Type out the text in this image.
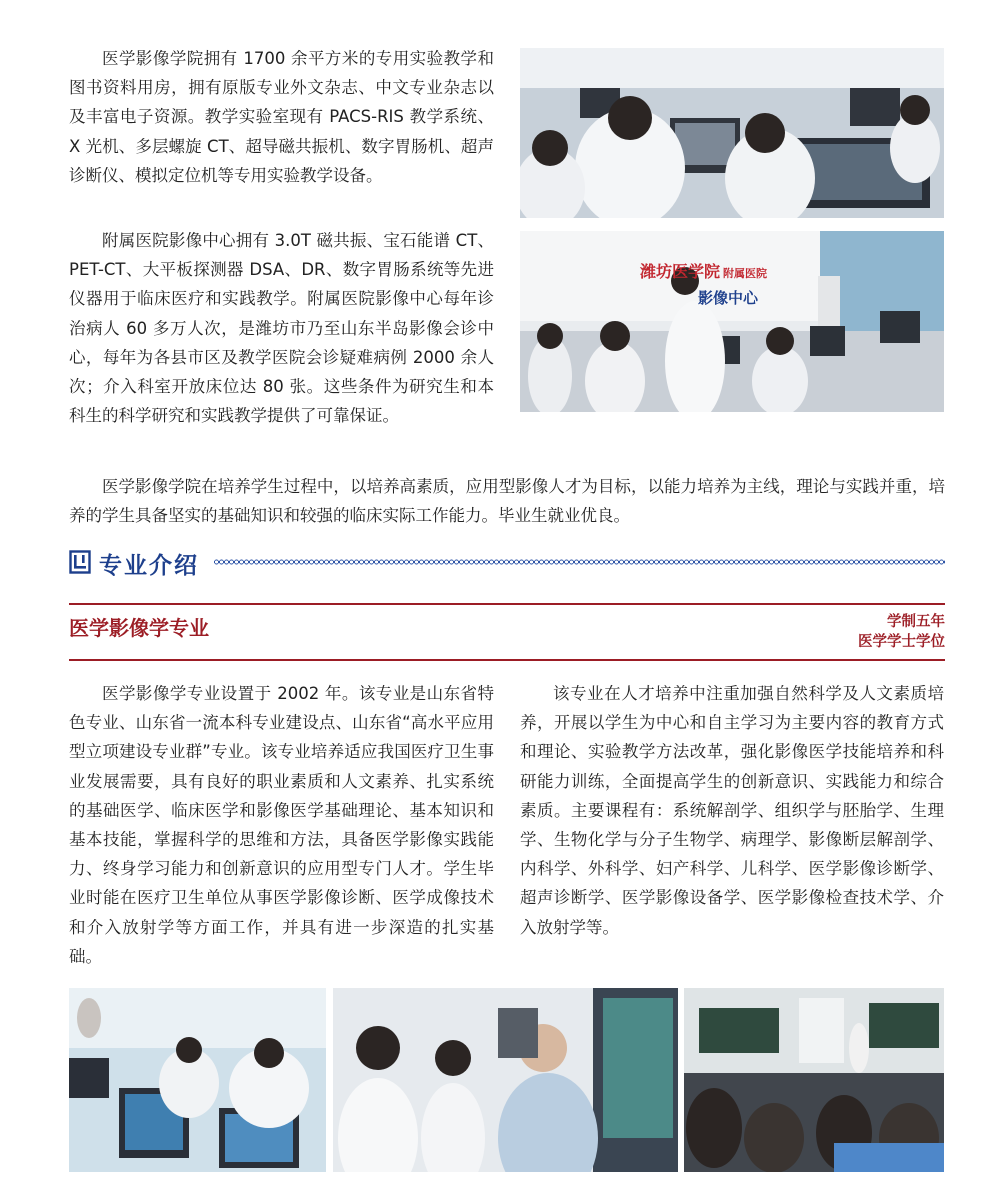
医学影像学院拥有 1700 余平方米的专用实验教学和图书资料用房，拥有原版专业外文杂志、中文专业杂志以及丰富电子资源。教学实验室现有 PACS-RIS 教学系统、X 光机、多层螺旋 CT、超导磁共振机、数字胃肠机、超声诊断仪、模拟定位机等专用实验教学设备。

附属医院影像中心拥有 3.0T 磁共振、宝石能谱 CT、PET-CT、大平板探测器 DSA、DR、数字胃肠系统等先进仪器用于临床医疗和实践教学。附属医院影像中心每年诊治病人 60 多万人次，是潍坊市乃至山东半岛影像会诊中心，每年为各县市区及教学医院会诊疑难病例 2000 余人次；介入科室开放床位达 80 张。这些条件为研究生和本科生的科学研究和实践教学提供了可靠保证。

潍坊医学院 附属医院
影像中心

医学影像学院在培养学生过程中，以培养高素质，应用型影像人才为目标，以能力培养为主线，理论与实践并重，培养的学生具备坚实的基础知识和较强的临床实际工作能力。毕业生就业优良。

专业介绍
医学影像学专业	学制五年
医学学士学位

医学影像学专业设置于 2002 年。该专业是山东省特色专业、山东省一流本科专业建设点、山东省“高水平应用型立项建设专业群”专业。该专业培养适应我国医疗卫生事业发展需要，具有良好的职业素质和人文素养、扎实系统的基础医学、临床医学和影像医学基础理论、基本知识和基本技能，掌握科学的思维和方法，具备医学影像实践能力、终身学习能力和创新意识的应用型专门人才。学生毕业时能在医疗卫生单位从事医学影像诊断、医学成像技术和介入放射学等方面工作，并具有进一步深造的扎实基础。

该专业在人才培养中注重加强自然科学及人文素质培养，开展以学生为中心和自主学习为主要内容的教育方式和理论、实验教学方法改革，强化影像医学技能培养和科研能力训练，全面提高学生的创新意识、实践能力和综合素质。主要课程有：系统解剖学、组织学与胚胎学、生理学、生物化学与分子生物学、病理学、影像断层解剖学、内科学、外科学、妇产科学、儿科学、医学影像诊断学、超声诊断学、医学影像设备学、医学影像检查技术学、介入放射学等。
